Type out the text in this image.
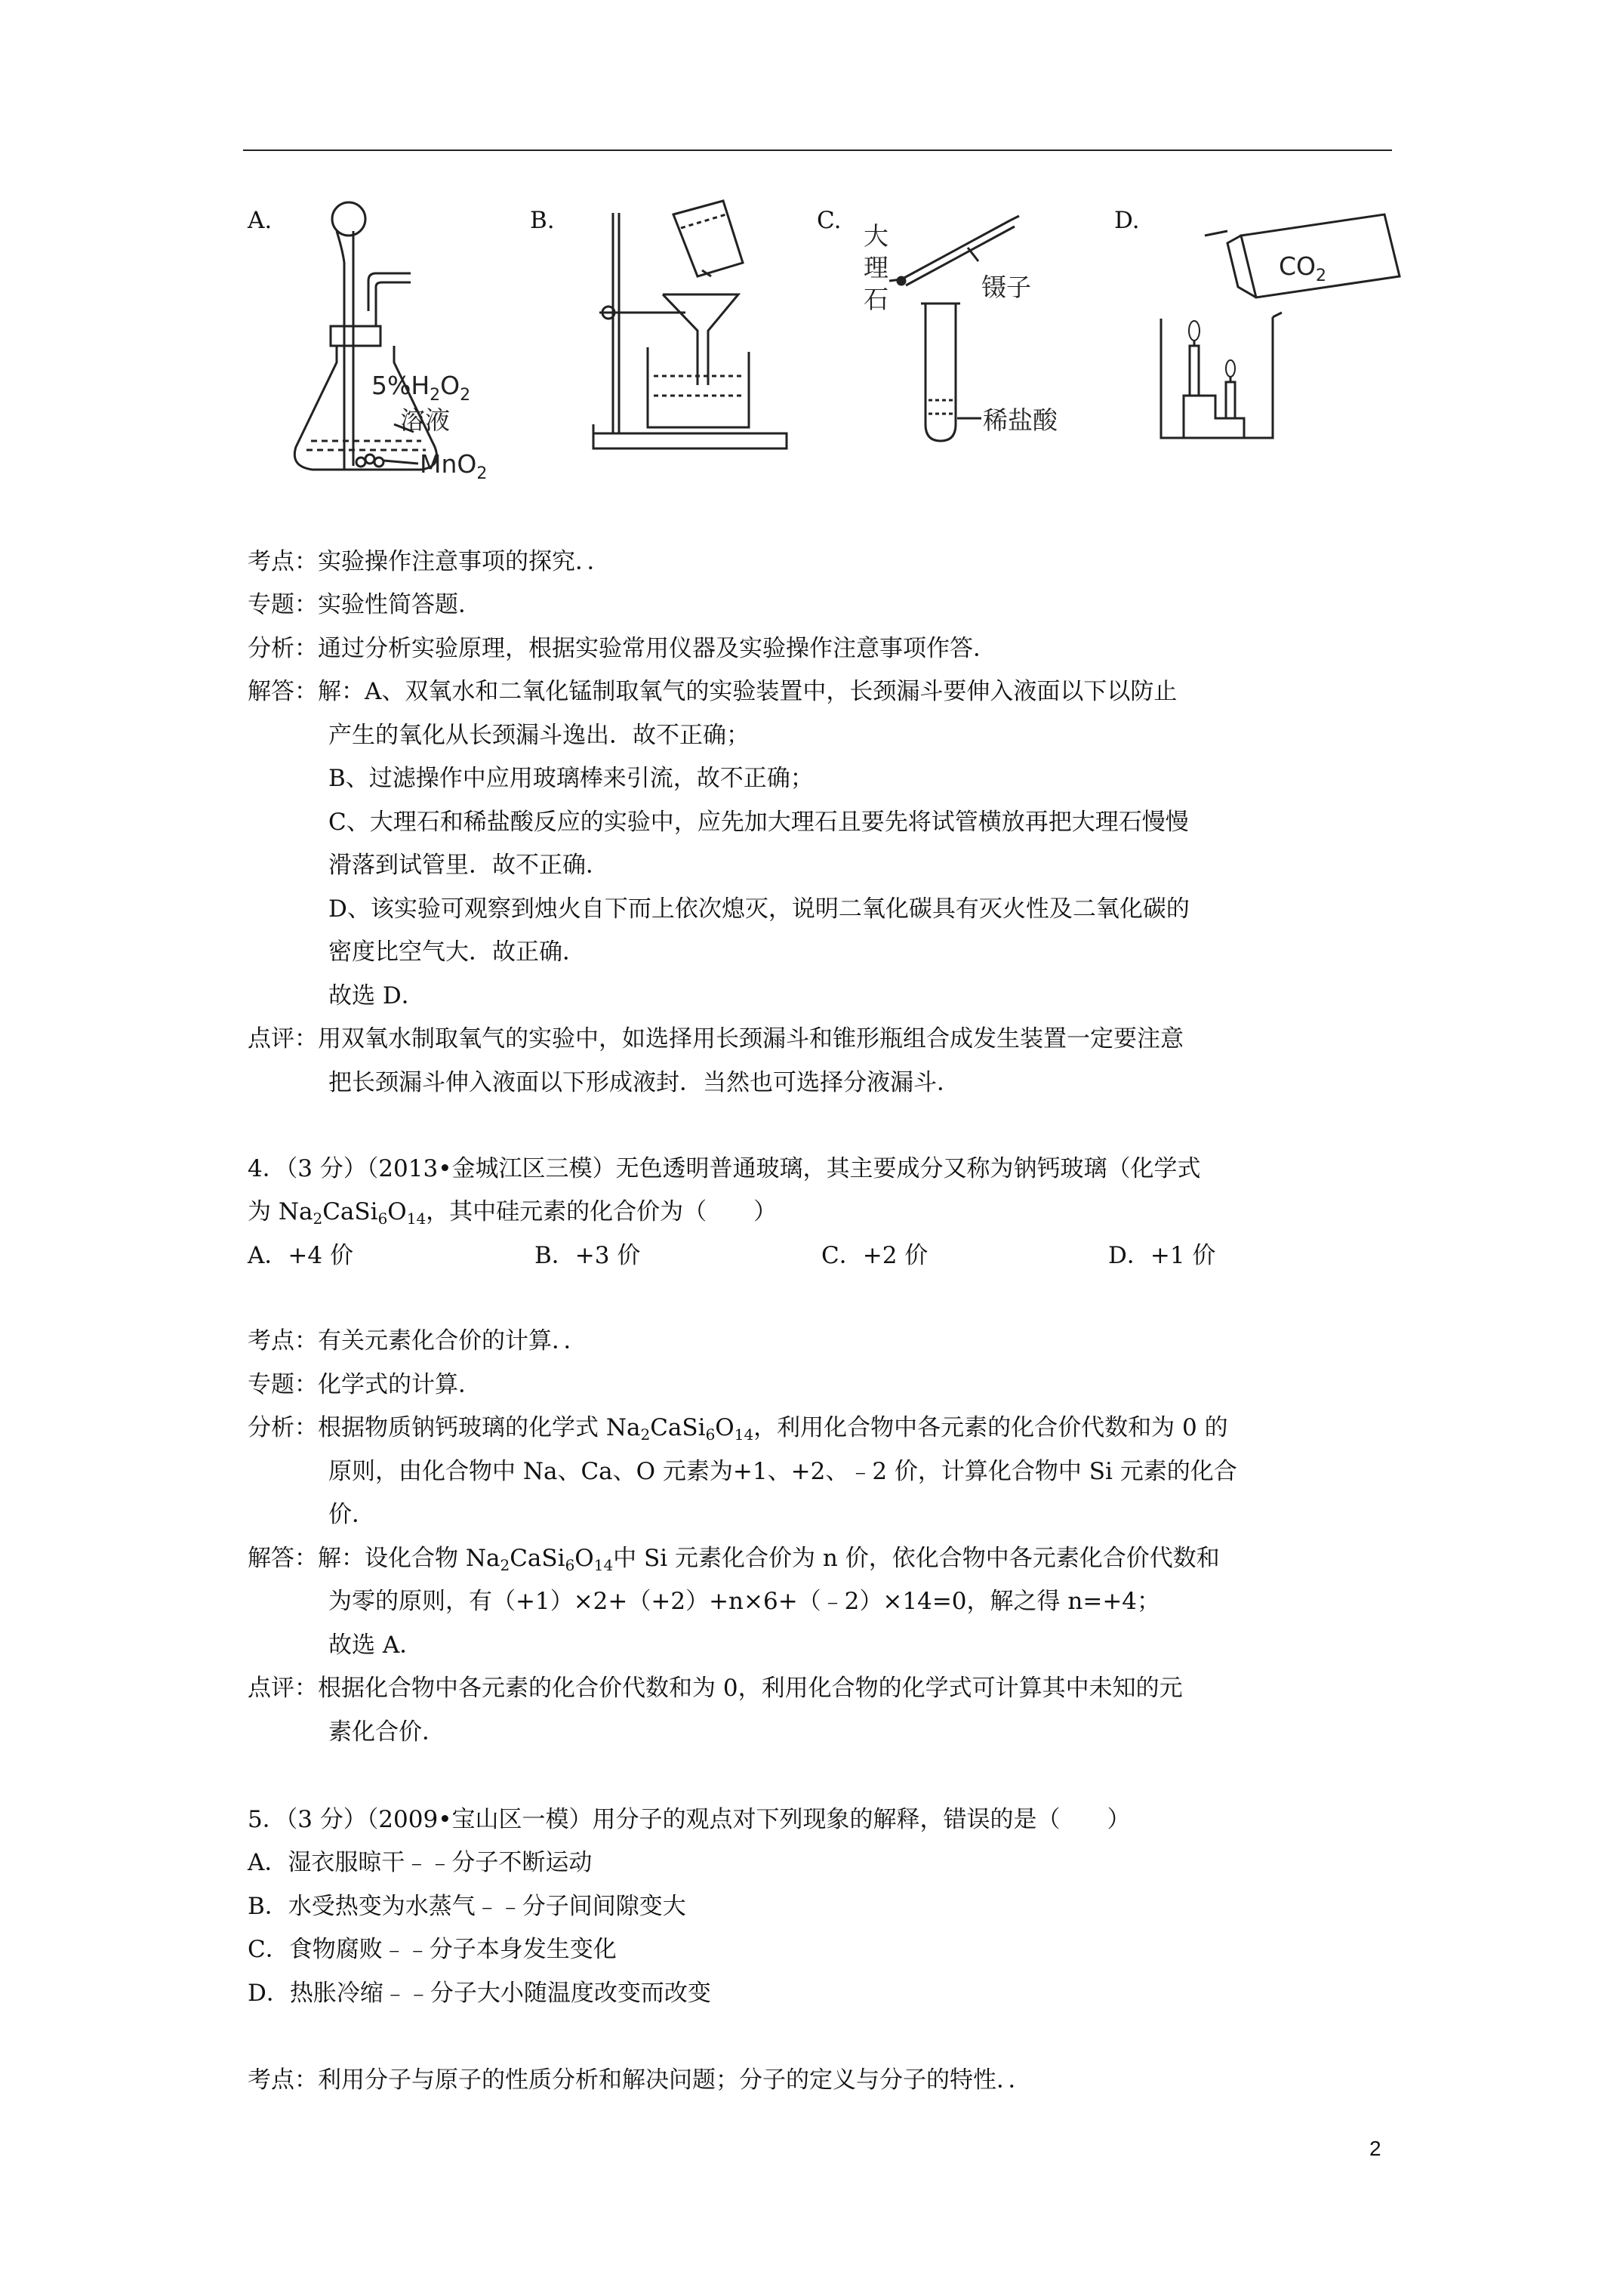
A.
$5\%H_2O_2$
溶液
MnO$_2$
B.	C.
大
理
石	镊子
稀盐酸
D.
$CO_2$
考点：实验操作注意事项的探究．．
专题：实验性简答题．
分析：通过分析实验原理，根据实验常用仪器及实验操作注意事项作答．
解答：解：A、双氧水和二氧化锰制取氧气的实验装置中，长颈漏斗要伸入液面以下以防止
产生的氧化从长颈漏斗逸出．故不正确；
B、过滤操作中应用玻璃棒来引流，故不正确；
C、大理石和稀盐酸反应的实验中，应先加大理石且要先将试管横放再把大理石慢慢
滑落到试管里．故不正确．
D、该实验可观察到烛火自下而上依次熄灭，说明二氧化碳具有灭火性及二氧化碳的
密度比空气大．故正确．
故选 D．
点评：用双氧水制取氧气的实验中，如选择用长颈漏斗和锥形瓶组合成发生装置一定要注意
把长颈漏斗伸入液面以下形成液封．当然也可选择分液漏斗．
4．（3 分）（2013•金城江区三模）无色透明普通玻璃，其主要成分又称为钠钙玻璃（化学式
为 $Na_2CaSi_6O_{14}$，其中硅元素的化合价为（　　）
A．+4 价	B．+3 价	C．+2 价	D．+1 价
考点：有关元素化合价的计算．．
专题：化学式的计算．
分析：根据物质钠钙玻璃的化学式 $Na_2CaSi_6O_{14}$，利用化合物中各元素的化合价代数和为 0 的
原则，由化合物中 Na、Ca、O 元素为+1、+2、﹣2 价，计算化合物中 Si 元素的化合
价．
解答：解：设化合物 $Na_2CaSi_6O_{14}$中 Si 元素化合价为 n 价，依化合物中各元素化合价代数和
为零的原则，有（+1）×2+（+2）+n×6+（﹣2）×14=0，解之得 n=+4；
故选 A．
点评：根据化合物中各元素的化合价代数和为 0，利用化合物的化学式可计算其中未知的元
素化合价．
5．（3 分）（2009•宝山区一模）用分子的观点对下列现象的解释，错误的是（　　）
A．湿衣服晾干﹣﹣分子不断运动
B．水受热变为水蒸气﹣﹣分子间间隙变大
C．食物腐败﹣﹣分子本身发生变化
D．热胀冷缩﹣﹣分子大小随温度改变而改变
考点：利用分子与原子的性质分析和解决问题；分子的定义与分子的特性．．
2
